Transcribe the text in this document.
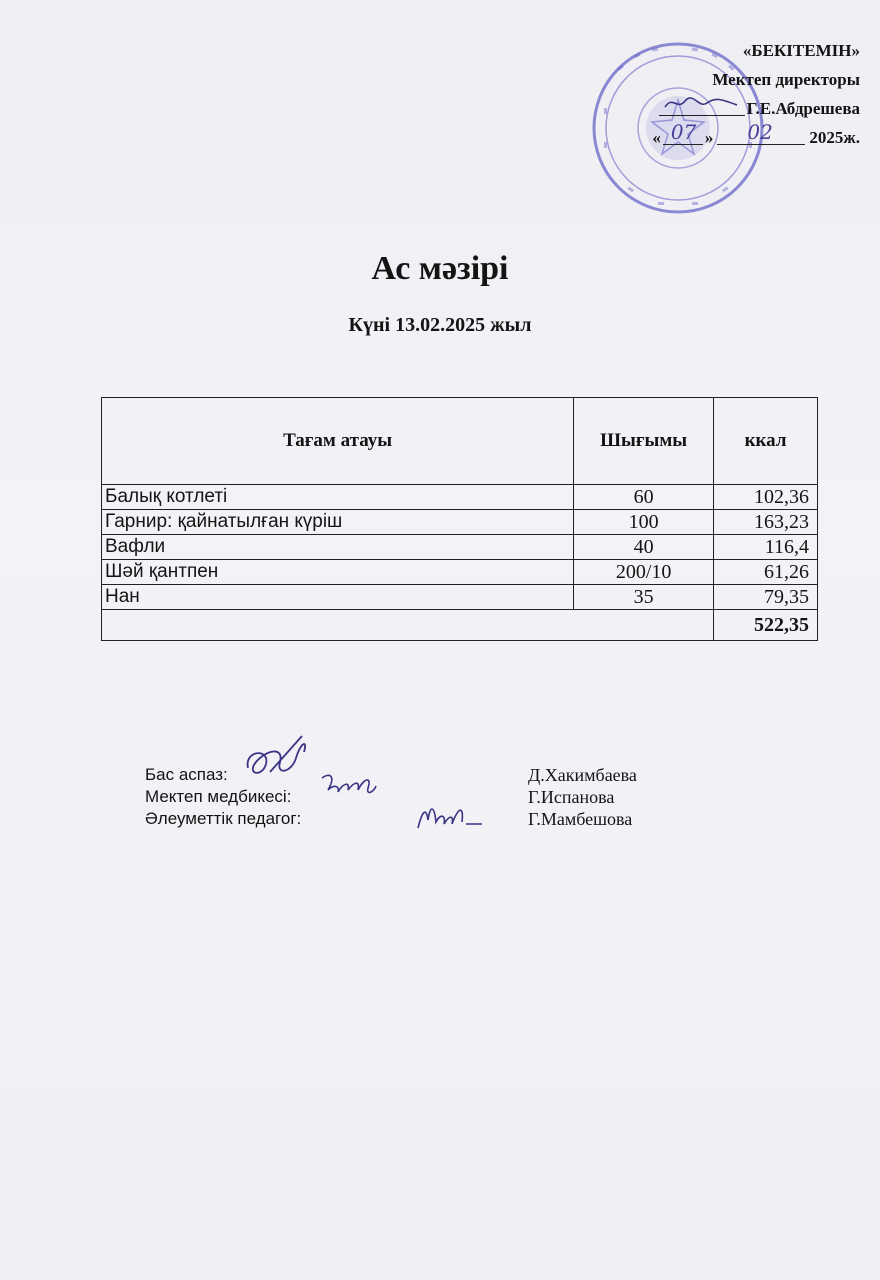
«БЕКІТЕМІН»
Мектеп директоры
Г.Е.Абдрешева
« 07 » 02 2025ж.
Ас мәзірі
Күні 13.02.2025 жыл
Тағам атауы	Шығымы	ккал
Балық котлеті	60	102,36
Гарнир: қайнатылған күріш	100	163,23
Вафли	40	116,4
Шәй қантпен	200/10	61,26
Нан	35	79,35
		522,35
Бас аспаз:	Д.Хакимбаева
Мектеп медбикесі:	Г.Испанова
Әлеуметтік педагог:	Г.Мамбешова
